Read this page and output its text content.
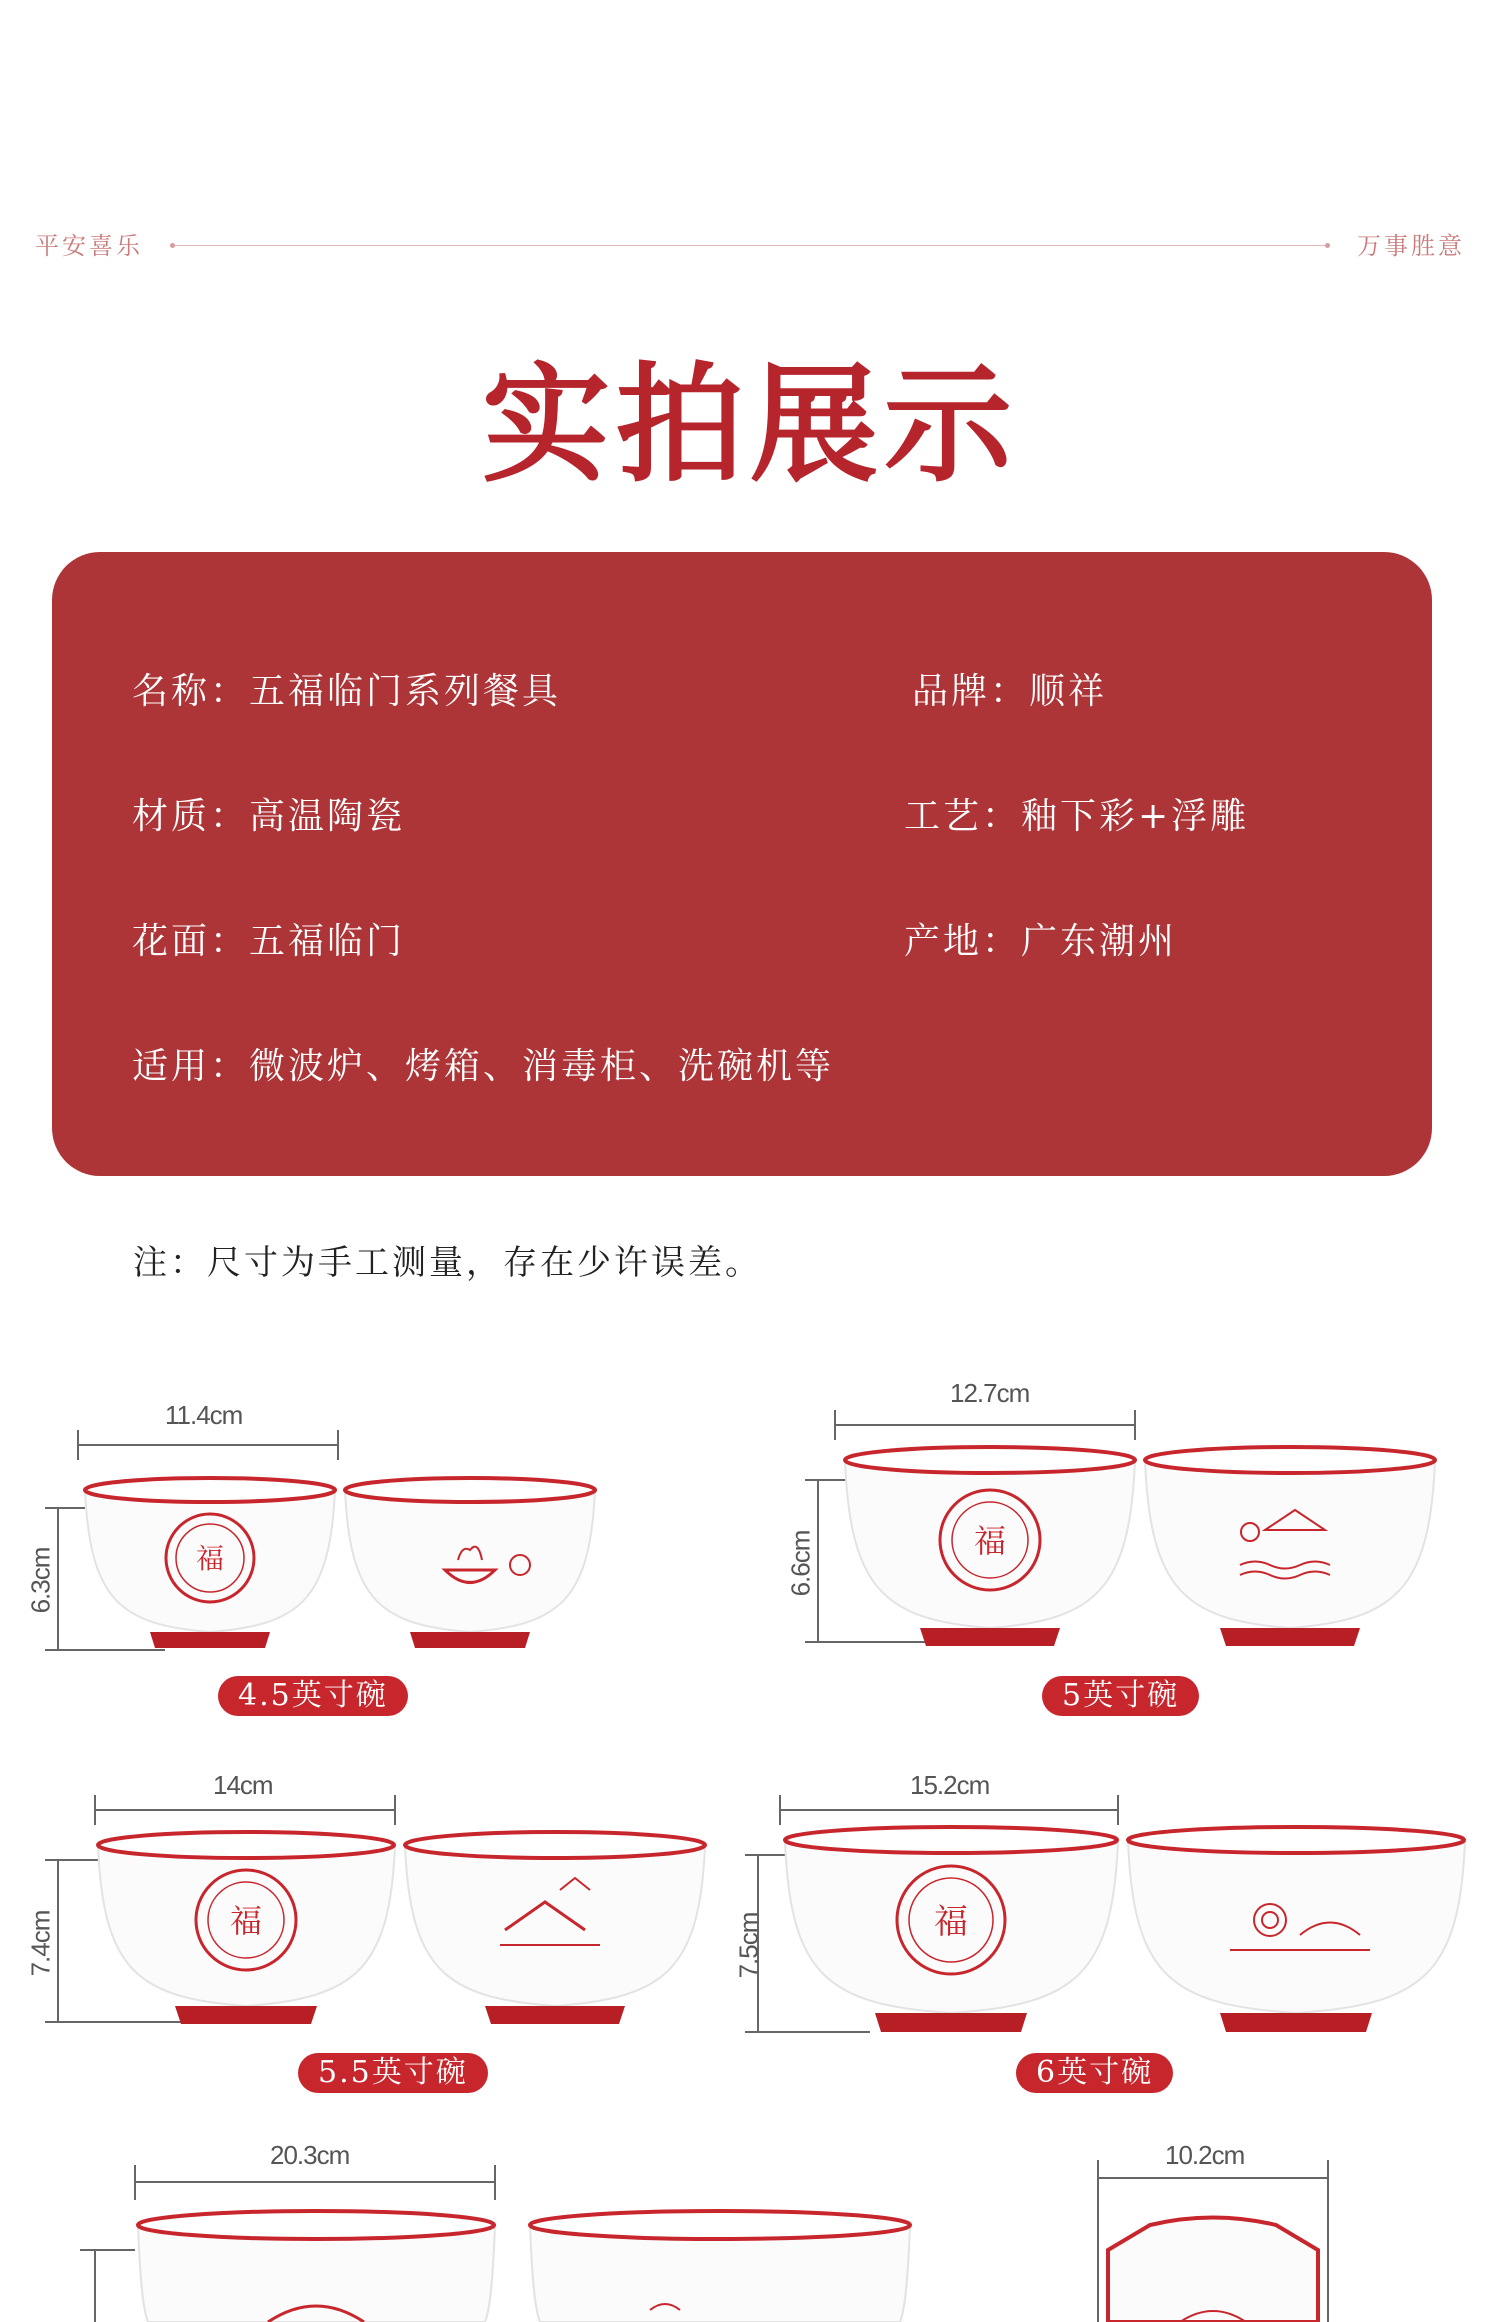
平安喜乐	万事胜意
实拍展示
名称：五福临门系列餐具	品牌：顺祥
材质：高温陶瓷	工艺：釉下彩+浮雕
花面：五福临门	产地：广东潮州
适用：微波炉、烤箱、消毒柜、洗碗机等

注：尺寸为手工测量，存在少许误差。

福
11.4cm
6.3cm
4.5英寸碗
福
12.7cm
6.6cm
5英寸碗
福
14cm
7.4cm
5.5英寸碗
福
15.2cm
7.5cm
6英寸碗
20.3cm	10.2cm
